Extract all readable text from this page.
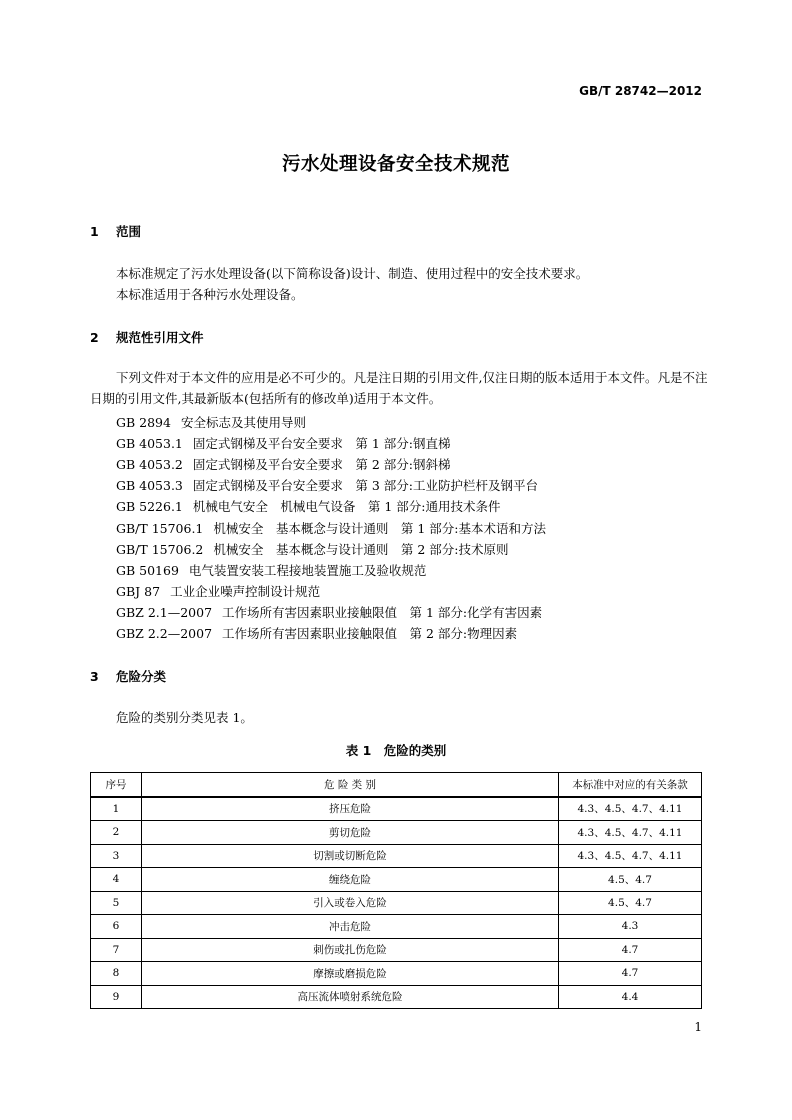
GB/T 28742—2012
污水处理设备安全技术规范
1 范围
本标准规定了污水处理设备(以下简称设备)设计、制造、使用过程中的安全技术要求。
本标准适用于各种污水处理设备。
2 规范性引用文件
下列文件对于本文件的应用是必不可少的。凡是注日期的引用文件,仅注日期的版本适用于本文件。凡是不注日期的引用文件,其最新版本(包括所有的修改单)适用于本文件。
GB 2894 安全标志及其使用导则
GB 4053.1 固定式钢梯及平台安全要求　第 1 部分:钢直梯
GB 4053.2 固定式钢梯及平台安全要求　第 2 部分:钢斜梯
GB 4053.3 固定式钢梯及平台安全要求　第 3 部分:工业防护栏杆及钢平台
GB 5226.1 机械电气安全　机械电气设备　第 1 部分:通用技术条件
GB/T 15706.1 机械安全　基本概念与设计通则　第 1 部分:基本术语和方法
GB/T 15706.2 机械安全　基本概念与设计通则　第 2 部分:技术原则
GB 50169 电气装置安装工程接地装置施工及验收规范
GBJ 87 工业企业噪声控制设计规范
GBZ 2.1—2007 工作场所有害因素职业接触限值　第 1 部分:化学有害因素
GBZ 2.2—2007 工作场所有害因素职业接触限值　第 2 部分:物理因素
3 危险分类
危险的类别分类见表 1。
表 1　危险的类别
序号	危 险 类 别	本标准中对应的有关条款
1	挤压危险	4.3、4.5、4.7、4.11
2	剪切危险	4.3、4.5、4.7、4.11
3	切割或切断危险	4.3、4.5、4.7、4.11
4	缠绕危险	4.5、4.7
5	引入或卷入危险	4.5、4.7
6	冲击危险	4.3
7	刺伤或扎伤危险	4.7
8	摩擦或磨损危险	4.7
9	高压流体喷射系统危险	4.4
1
